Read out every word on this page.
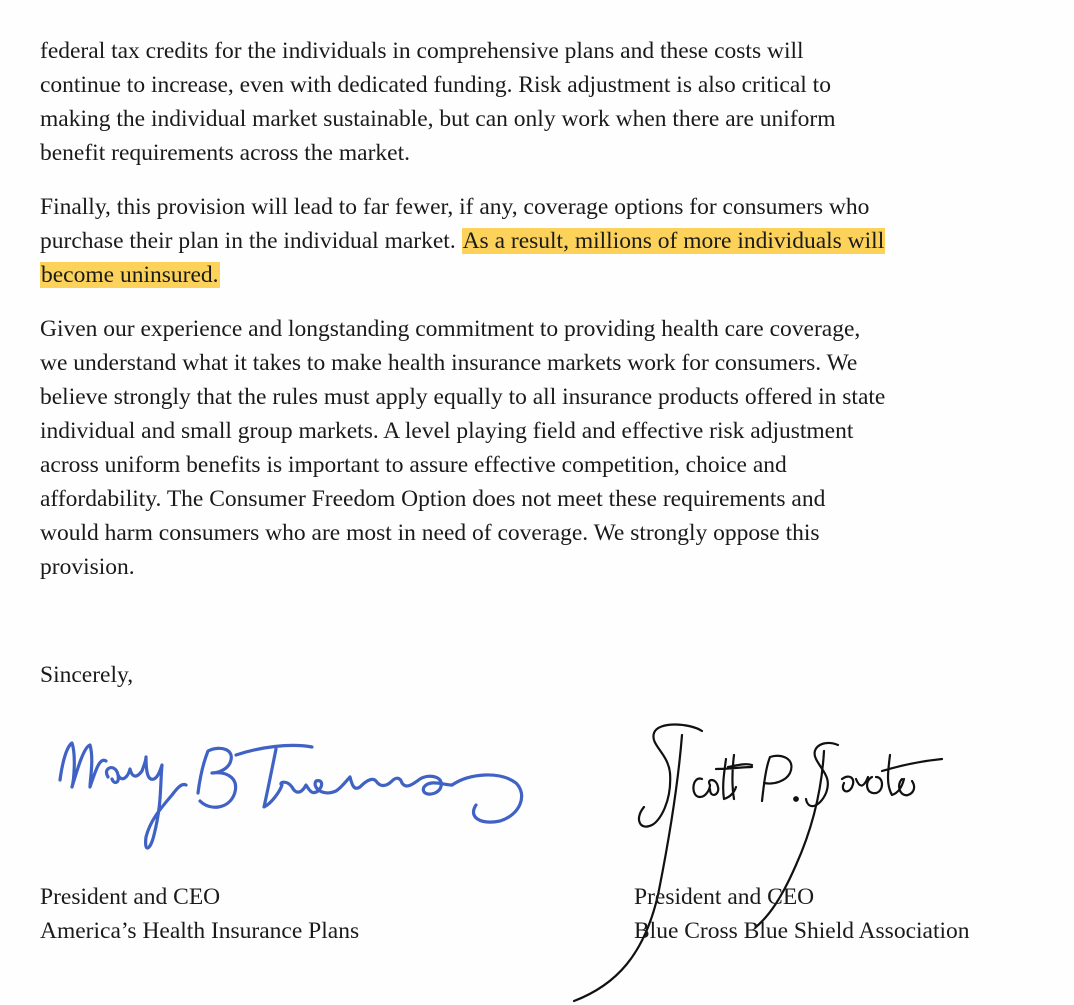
federal tax credits for the individuals in comprehensive plans and these costs will
continue to increase, even with dedicated funding. Risk adjustment is also critical to
making the individual market sustainable, but can only work when there are uniform
benefit requirements across the market.

Finally, this provision will lead to far fewer, if any, coverage options for consumers who
purchase their plan in the individual market. As a result, millions of more individuals will
become uninsured.

Given our experience and longstanding commitment to providing health care coverage,
we understand what it takes to make health insurance markets work for consumers. We
believe strongly that the rules must apply equally to all insurance products offered in state
individual and small group markets. A level playing field and effective risk adjustment
across uniform benefits is important to assure effective competition, choice and
affordability. The Consumer Freedom Option does not meet these requirements and
would harm consumers who are most in need of coverage. We strongly oppose this
provision.

Sincerely,

President and CEO
America’s Health Insurance Plans

President and CEO
Blue Cross Blue Shield Association
